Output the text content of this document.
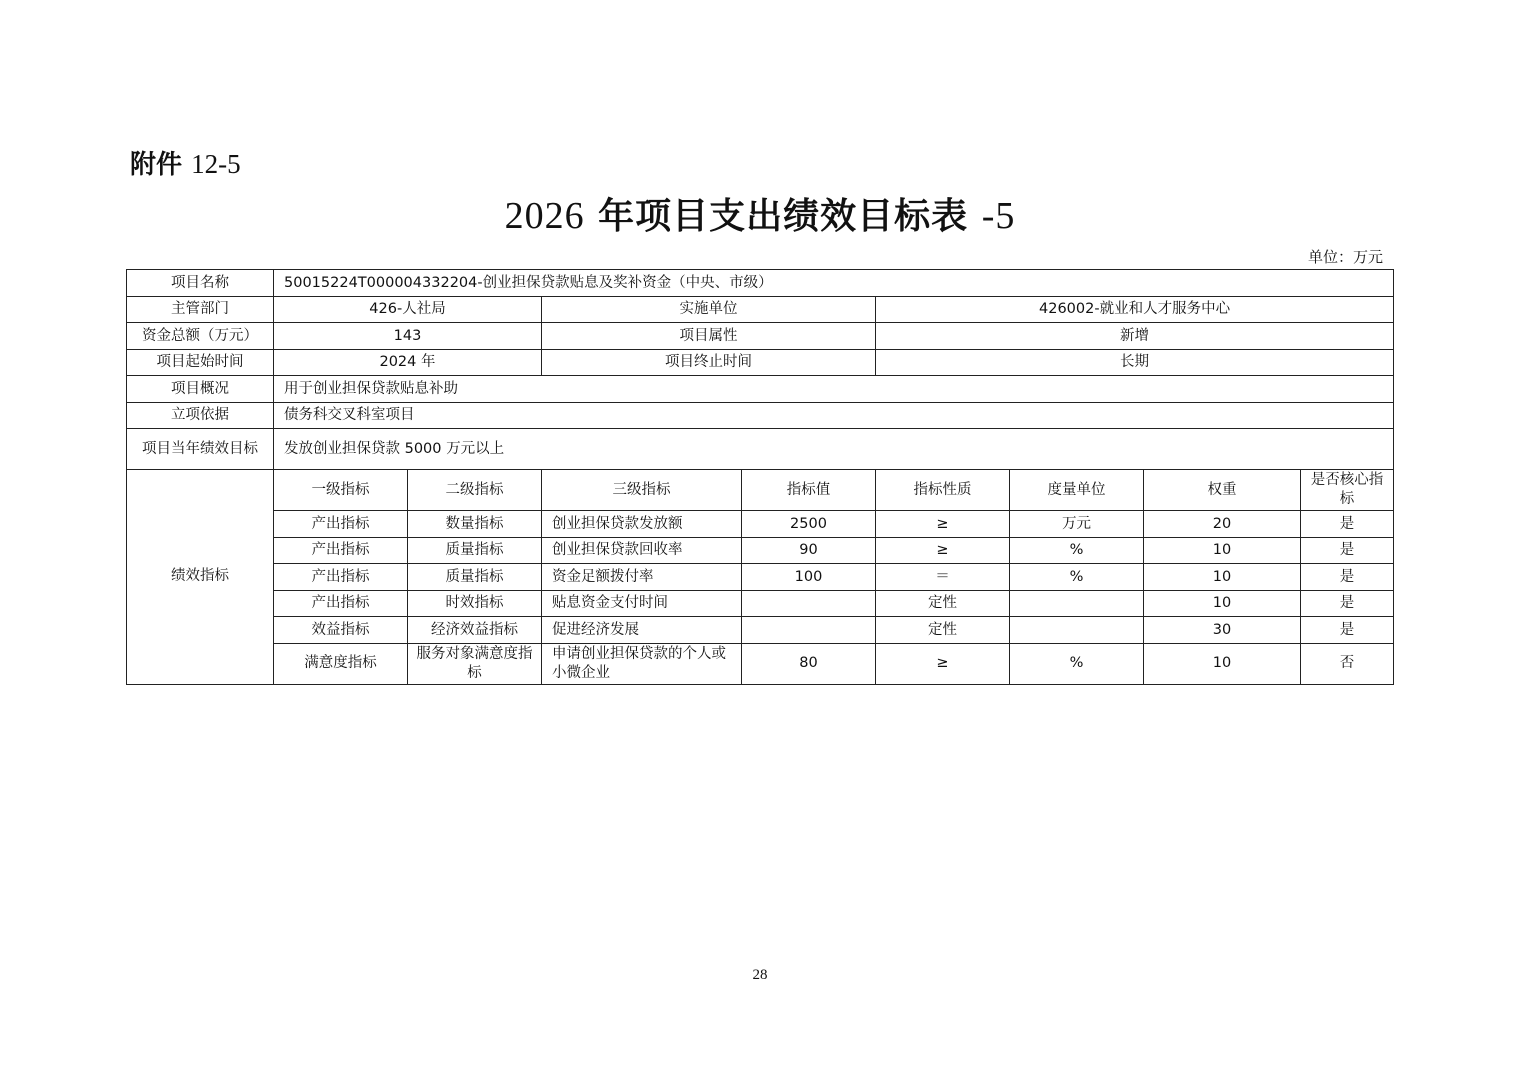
附件 12-5
2026 年项目支出绩效目标表 -5
单位：万元
项目名称	50015224T000004332204-创业担保贷款贴息及奖补资金（中央、市级）							
主管部门	426-人社局		实施单位		426002-就业和人才服务中心			
资金总额（万元）	143		项目属性		新增			
项目起始时间	2024 年		项目终止时间		长期			
项目概况	用于创业担保贷款贴息补助							
立项依据	债务科交叉科室项目							
项目当年绩效目标	发放创业担保贷款 5000 万元以上							
绩效指标	一级指标	二级指标	三级指标	指标值	指标性质	度量单位	权重	是否核心指标
	产出指标	数量指标	创业担保贷款发放额	2500	≥	万元	20	是
	产出指标	质量指标	创业担保贷款回收率	90	≥	%	10	是
	产出指标	质量指标	资金足额拨付率	100	＝	%	10	是
	产出指标	时效指标	贴息资金支付时间		定性		10	是
	效益指标	经济效益指标	促进经济发展		定性		30	是
	满意度指标	服务对象满意度指标	申请创业担保贷款的个人或小微企业	80	≥	%	10	否
28
